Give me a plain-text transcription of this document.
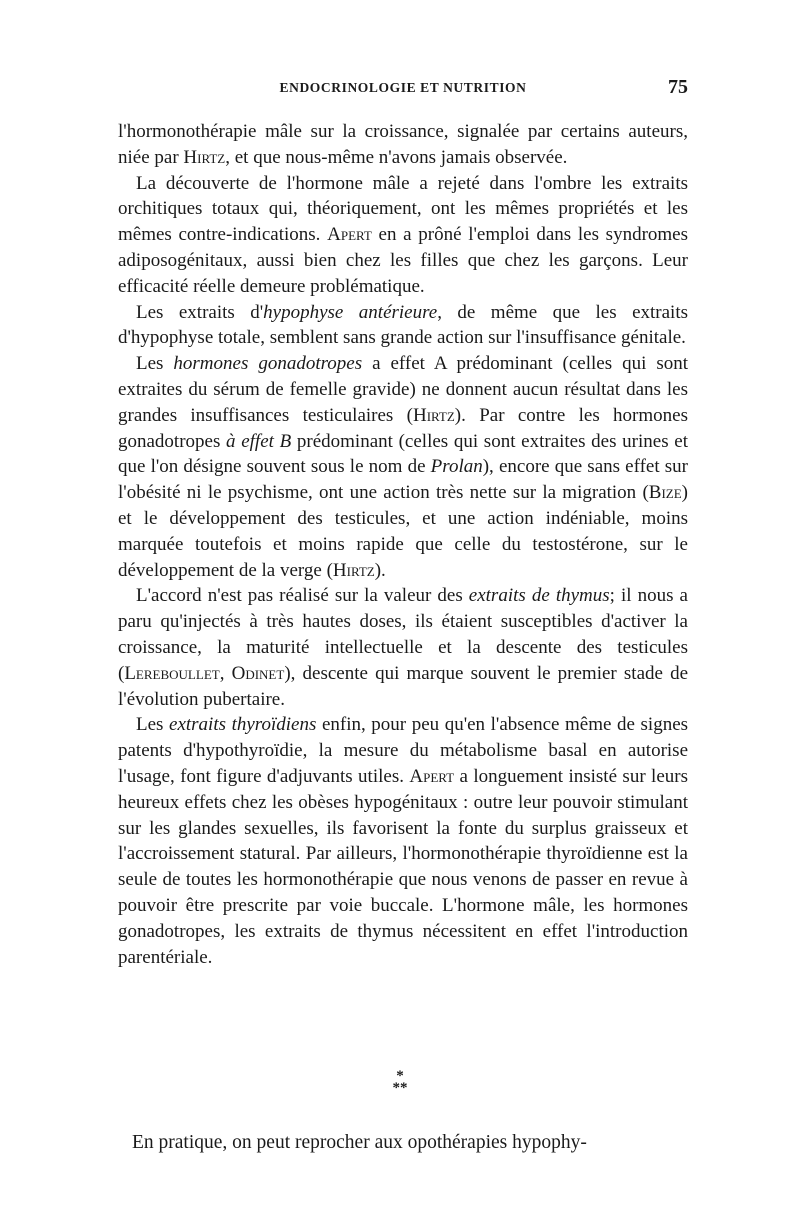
ENDOCRINOLOGIE ET NUTRITION	75

l'hormonothérapie mâle sur la croissance, signalée par certains auteurs, niée par Hirtz, et que nous-même n'avons jamais observée.

La découverte de l'hormone mâle a rejeté dans l'ombre les extraits orchitiques totaux qui, théoriquement, ont les mêmes propriétés et les mêmes contre-indications. Apert en a prôné l'emploi dans les syndromes adiposogénitaux, aussi bien chez les filles que chez les garçons. Leur efficacité réelle demeure problématique.

Les extraits d'hypophyse antérieure, de même que les extraits d'hypophyse totale, semblent sans grande action sur l'insuffisance génitale.

Les hormones gonadotropes a effet A prédominant (celles qui sont extraites du sérum de femelle gravide) ne donnent aucun résultat dans les grandes insuffisances testiculaires (Hirtz). Par contre les hormones gonadotropes à effet B prédominant (celles qui sont extraites des urines et que l'on désigne souvent sous le nom de Prolan), encore que sans effet sur l'obésité ni le psychisme, ont une action très nette sur la migration (Bize) et le développement des testicules, et une action indéniable, moins marquée toutefois et moins rapide que celle du testostérone, sur le développement de la verge (Hirtz).

L'accord n'est pas réalisé sur la valeur des extraits de thymus; il nous a paru qu'injectés à très hautes doses, ils étaient susceptibles d'activer la croissance, la maturité intellectuelle et la descente des testicules (Lereboullet, Odinet), descente qui marque souvent le premier stade de l'évolution pubertaire.

Les extraits thyroïdiens enfin, pour peu qu'en l'absence même de signes patents d'hypothyroïdie, la mesure du métabolisme basal en autorise l'usage, font figure d'adjuvants utiles. Apert a longuement insisté sur leurs heureux effets chez les obèses hypogénitaux : outre leur pouvoir stimulant sur les glandes sexuelles, ils favorisent la fonte du surplus graisseux et l'accroissement statural. Par ailleurs, l'hormonothérapie thyroïdienne est la seule de toutes les hormonothérapie que nous venons de passer en revue à pouvoir être prescrite par voie buccale. L'hormone mâle, les hormones gonadotropes, les extraits de thymus nécessitent en effet l'introduction parentériale.

*
**

En pratique, on peut reprocher aux opothérapies hypophy-
